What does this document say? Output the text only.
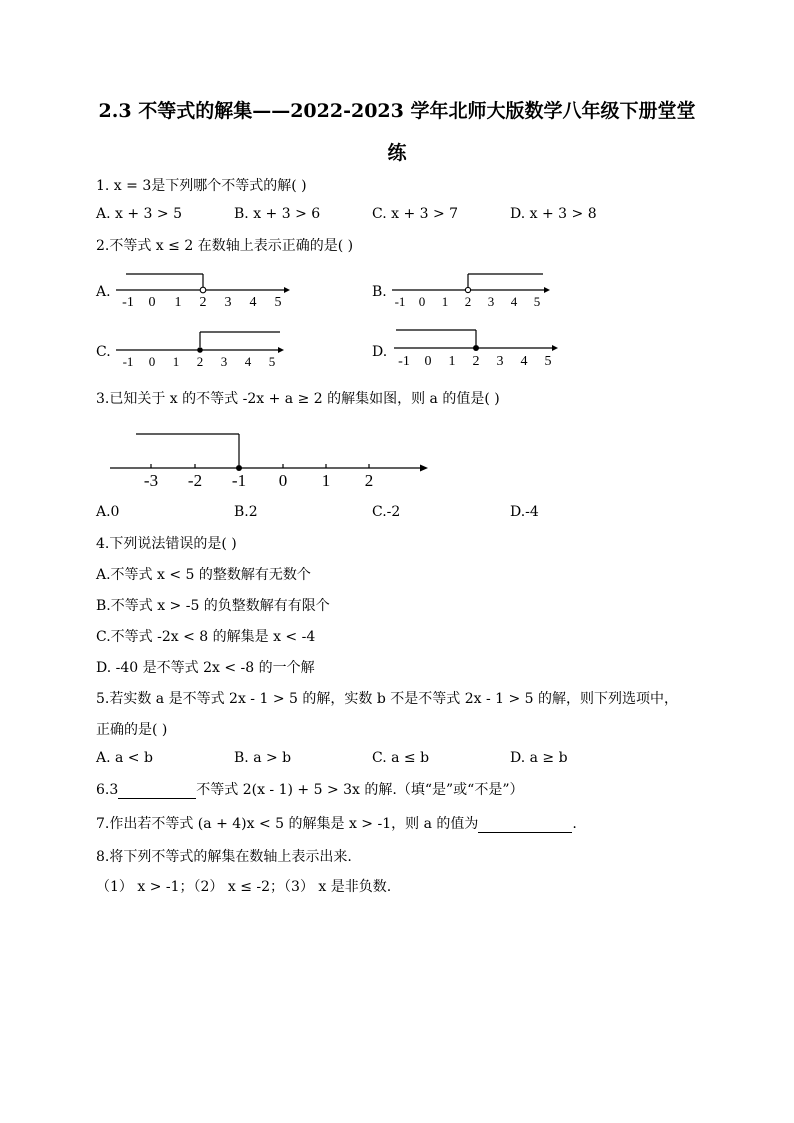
2.3 不等式的解集——2022-2023 学年北师大版数学八年级下册堂堂
练
1. x = 3是下列哪个不等式的解( )
A. x + 3 > 5	B. x + 3 > 6	C. x + 3 > 7	D. x + 3 > 8
2.不等式 x ≤ 2 在数轴上表示正确的是( )
A.	B.
C.	D.
-1 0 1 2 3 4 5	-1 0 1 2 3 4 5
-1 0 1 2 3 4 5	-1 0 1 2 3 4 5
3.已知关于 x 的不等式 -2x + a ≥ 2 的解集如图，则 a 的值是( )
-3 -2 -1 0 1 2
A.0	B.2	C.-2	D.-4
4.下列说法错误的是( )
A.不等式 x < 5 的整数解有无数个
B.不等式 x > -5 的负整数解有有限个
C.不等式 -2x < 8 的解集是 x < -4
D. -40 是不等式 2x < -8 的一个解
5.若实数 a 是不等式 2x - 1 > 5 的解，实数 b 不是不等式 2x - 1 > 5 的解，则下列选项中，
正确的是( )
A. a < b	B. a > b	C. a ≤ b	D. a ≥ b
6.3	不等式 2(x - 1) + 5 > 3x 的解.（填“是”或“不是”）
7.作出若不等式 (a + 4)x < 5 的解集是 x > -1，则 a 的值为	.
8.将下列不等式的解集在数轴上表示出来.
（1） x > -1；（2） x ≤ -2；（3） x 是非负数.
